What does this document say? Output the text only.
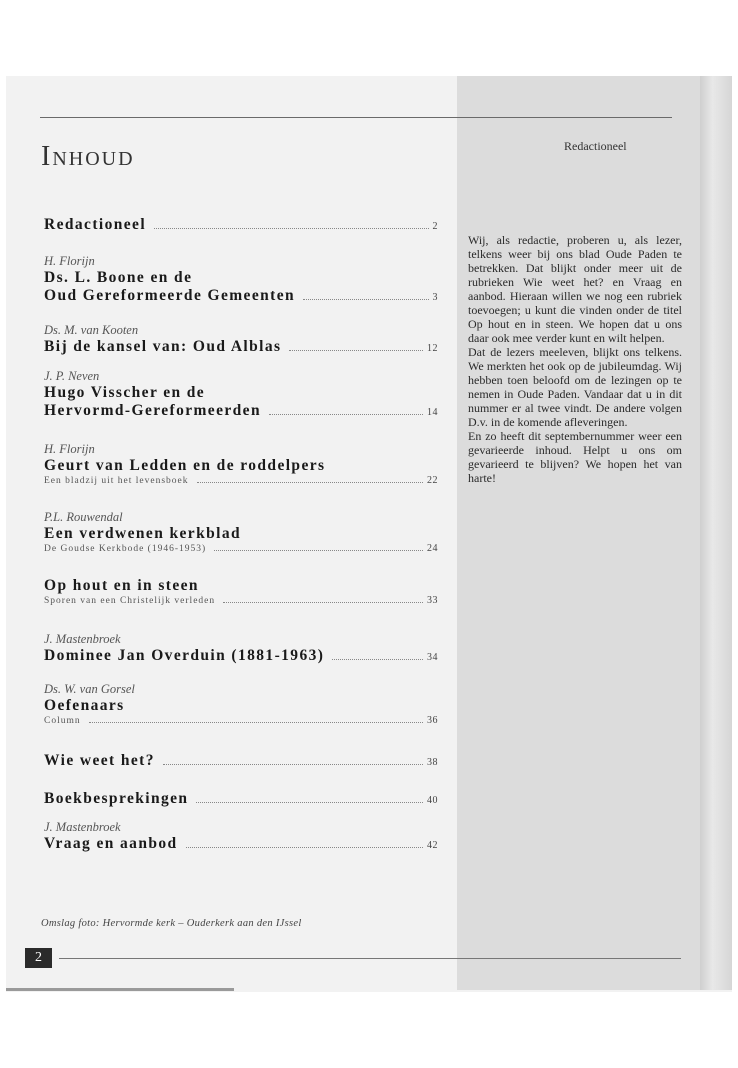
Inhoud	Redactioneel
Redactioneel	2
H. Florijn
Ds. L. Boone en de
Oud Gereformeerde Gemeenten	3
Ds. M. van Kooten
Bij de kansel van: Oud Alblas	12
J. P. Neven
Hugo Visscher en de
Hervormd-Gereformeerden	14
H. Florijn
Geurt van Ledden en de roddelpers
Een bladzij uit het levensboek	22
P.L. Rouwendal
Een verdwenen kerkblad
De Goudse Kerkbode (1946-1953)	24
Op hout en in steen
Sporen van een Christelijk verleden	33
J. Mastenbroek
Dominee Jan Overduin (1881-1963)	34
Ds. W. van Gorsel
Oefenaars
Column	36
Wie weet het?	38
Boekbesprekingen	40
J. Mastenbroek
Vraag en aanbod	42

Wij, als redactie, proberen u, als lezer, telkens weer bij ons blad Oude Paden te betrekken. Dat blijkt onder meer uit de rubrieken Wie weet het? en Vraag en aanbod. Hieraan willen we nog een rubriek toevoegen; u kunt die vinden onder de titel Op hout en in steen. We hopen dat u ons daar ook mee verder kunt en wilt helpen.

Dat de lezers meeleven, blijkt ons telkens. We merkten het ook op de jubileumdag. Wij hebben toen beloofd om de lezingen op te nemen in Oude Paden. Vandaar dat u in dit nummer er al twee vindt. De andere volgen D.v. in de komende afleveringen.

En zo heeft dit septembernummer weer een gevarieerde inhoud. Helpt u ons om gevarieerd te blijven? We hopen het van harte!

Omslag foto: Hervormde kerk – Ouderkerk aan den IJssel
2
